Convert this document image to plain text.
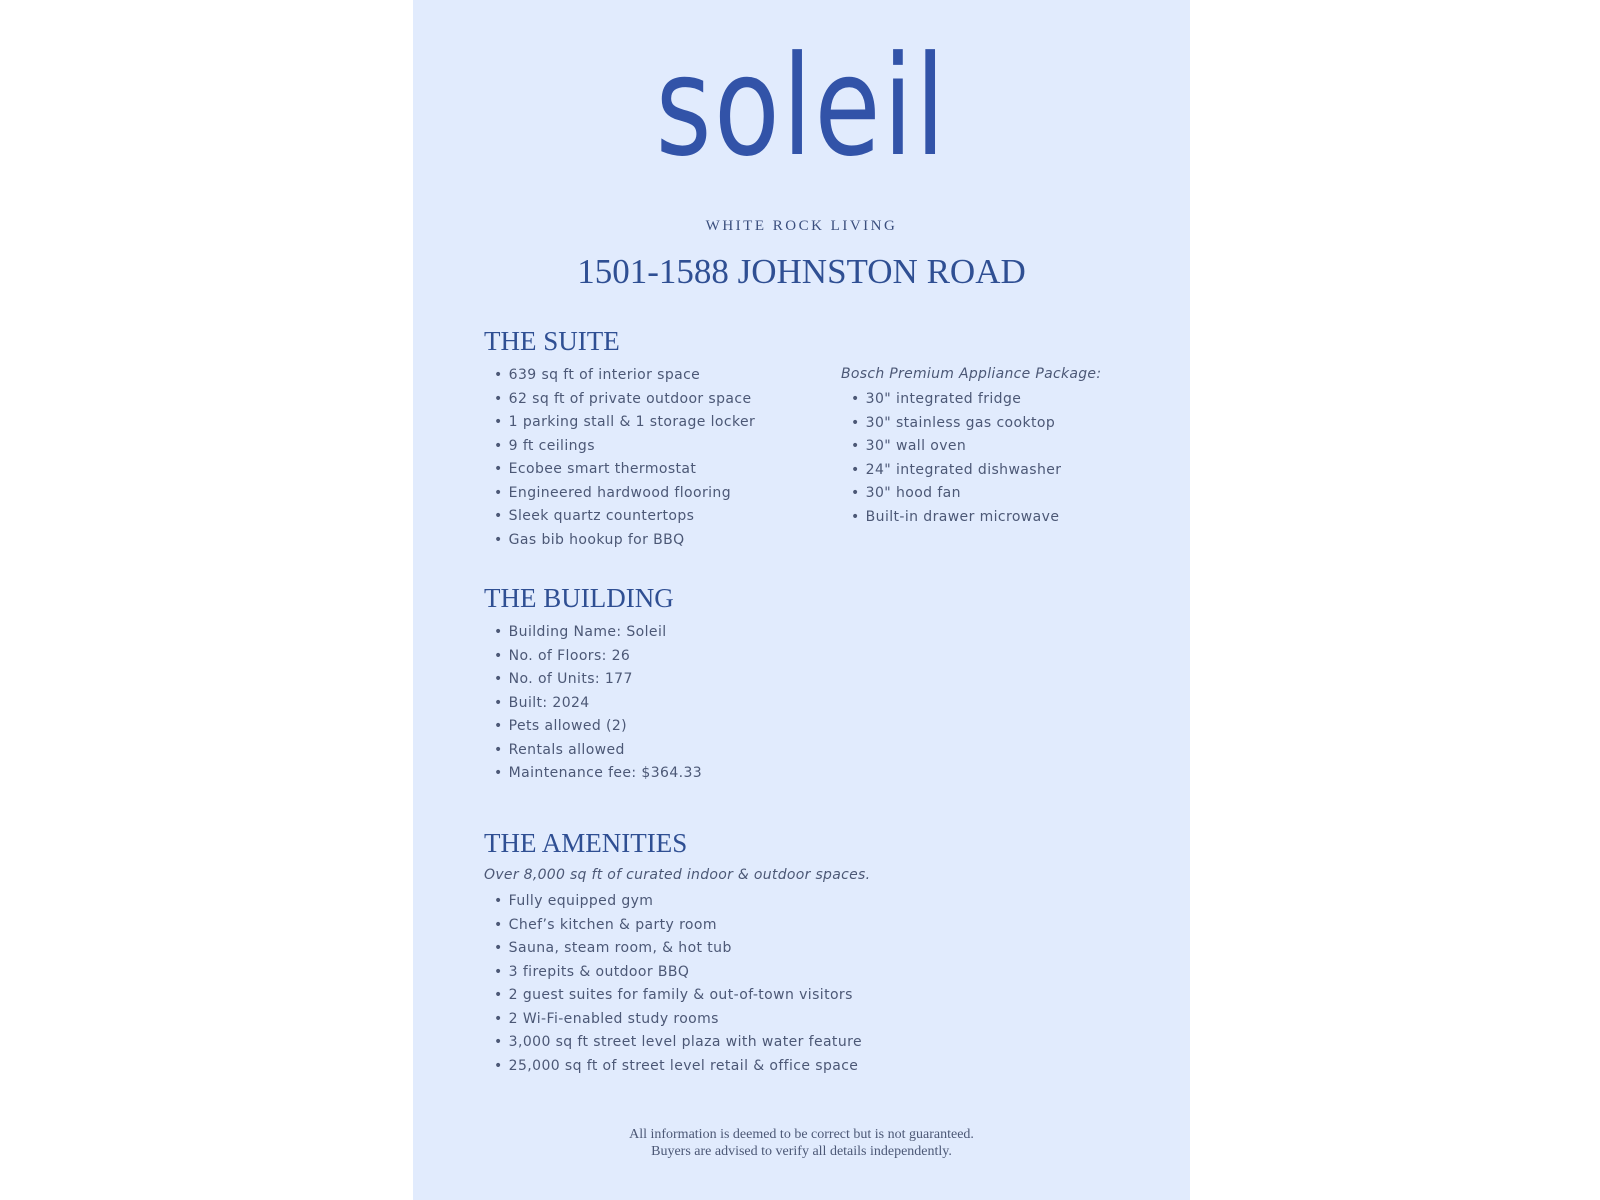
soleil
WHITE ROCK LIVING
1501-1588 JOHNSTON ROAD
THE SUITE
• 639 sq ft of interior space
• 62 sq ft of private outdoor space
• 1 parking stall & 1 storage locker
• 9 ft ceilings
• Ecobee smart thermostat
• Engineered hardwood flooring
• Sleek quartz countertops
• Gas bib hookup for BBQ

Bosch Premium Appliance Package:

• 30" integrated fridge
• 30" stainless gas cooktop
• 30" wall oven
• 24" integrated dishwasher
• 30" hood fan
• Built-in drawer microwave
THE BUILDING
• Building Name: Soleil
• No. of Floors: 26
• No. of Units: 177
• Built: 2024
• Pets allowed (2)
• Rentals allowed
• Maintenance fee: $364.33
THE AMENITIES

Over 8,000 sq ft of curated indoor & outdoor spaces.

• Fully equipped gym
• Chef’s kitchen & party room
• Sauna, steam room, & hot tub
• 3 firepits & outdoor BBQ
• 2 guest suites for family & out-of-town visitors
• 2 Wi-Fi-enabled study rooms
• 3,000 sq ft street level plaza with water feature
• 25,000 sq ft of street level retail & office space
All information is deemed to be correct but is not guaranteed.
Buyers are advised to verify all details independently.
